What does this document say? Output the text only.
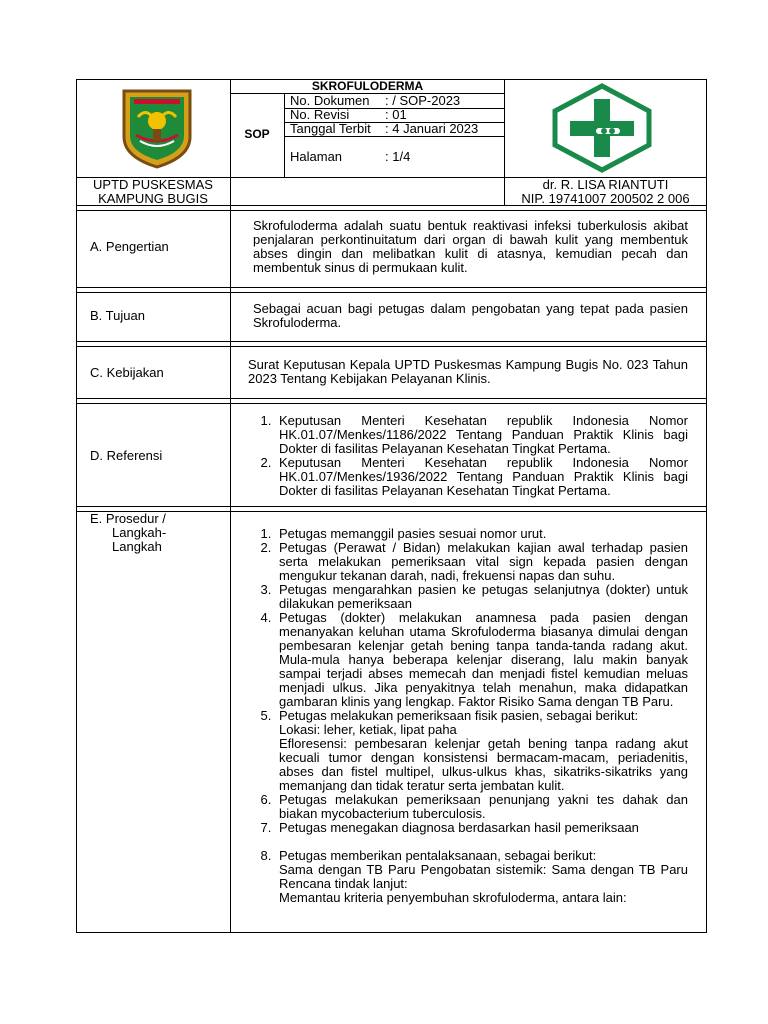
SKROFULODERMA
SOP
No. Dokumen : / SOP-2023
No. Revisi	: 01
Tanggal Terbit : 4 Januari 2023
Halaman	: 1/4
UPTD PUSKESMAS
KAMPUNG BUGIS
dr. R. LISA RIANTUTI
NIP. 19741007 200502 2 006
A. Pengertian
Skrofuloderma adalah suatu bentuk reaktivasi infeksi tuberkulosis akibat penjalaran perkontinuitatum dari organ di bawah kulit yang membentuk abses dingin dan melibatkan kulit di atasnya, kemudian pecah dan membentuk sinus di permukaan kulit.
B. Tujuan	Sebagai acuan bagi petugas dalam pengobatan yang tepat pada pasien Skrofuloderma.
C. Kebijakan
Surat Keputusan Kepala UPTD Puskesmas Kampung Bugis No. 023 Tahun 2023 Tentang Kebijakan Pelayanan Klinis.
D. Referensi
1. Keputusan Menteri Kesehatan republik Indonesia Nomor HK.01.07/Menkes/1186/2022 Tentang Panduan Praktik Klinis bagi Dokter di fasilitas Pelayanan Kesehatan Tingkat Pertama.
2. Keputusan Menteri Kesehatan republik Indonesia Nomor HK.01.07/Menkes/1936/2022 Tentang Panduan Praktik Klinis bagi Dokter di fasilitas Pelayanan Kesehatan Tingkat Pertama.
E. Prosedur /
Langkah-
Langkah
1. Petugas memanggil pasies sesuai nomor urut.
2. Petugas (Perawat / Bidan) melakukan kajian awal terhadap pasien serta melakukan pemeriksaan vital sign kepada pasien dengan mengukur tekanan darah, nadi, frekuensi napas dan suhu.
3. Petugas mengarahkan pasien ke petugas selanjutnya (dokter) untuk dilakukan pemeriksaan
4. Petugas (dokter) melakukan anamnesa pada pasien dengan menanyakan keluhan utama Skrofuloderma biasanya dimulai dengan pembesaran kelenjar getah bening tanpa tanda-tanda radang akut. Mula-mula hanya beberapa kelenjar diserang, lalu makin banyak sampai terjadi abses memecah dan menjadi fistel kemudian meluas menjadi ulkus. Jika penyakitnya telah menahun, maka didapatkan gambaran klinis yang lengkap. Faktor Risiko Sama dengan TB Paru.
5. Petugas melakukan pemeriksaan fisik pasien, sebagai berikut:
Lokasi: leher, ketiak, lipat paha
Efloresensi: pembesaran kelenjar getah bening tanpa radang akut kecuali tumor dengan konsistensi bermacam-macam, periadenitis, abses dan fistel multipel, ulkus-ulkus khas, sikatriks-sikatriks yang memanjang dan tidak teratur serta jembatan kulit.
6. Petugas melakukan pemeriksaan penunjang yakni tes dahak dan biakan mycobacterium tuberculosis.
7. Petugas menegakan diagnosa berdasarkan hasil pemeriksaan
8. Petugas memberikan pentalaksanaan, sebagai berikut:
Sama dengan TB Paru Pengobatan sistemik: Sama dengan TB Paru Rencana tindak lanjut:
Memantau kriteria penyembuhan skrofuloderma, antara lain:
